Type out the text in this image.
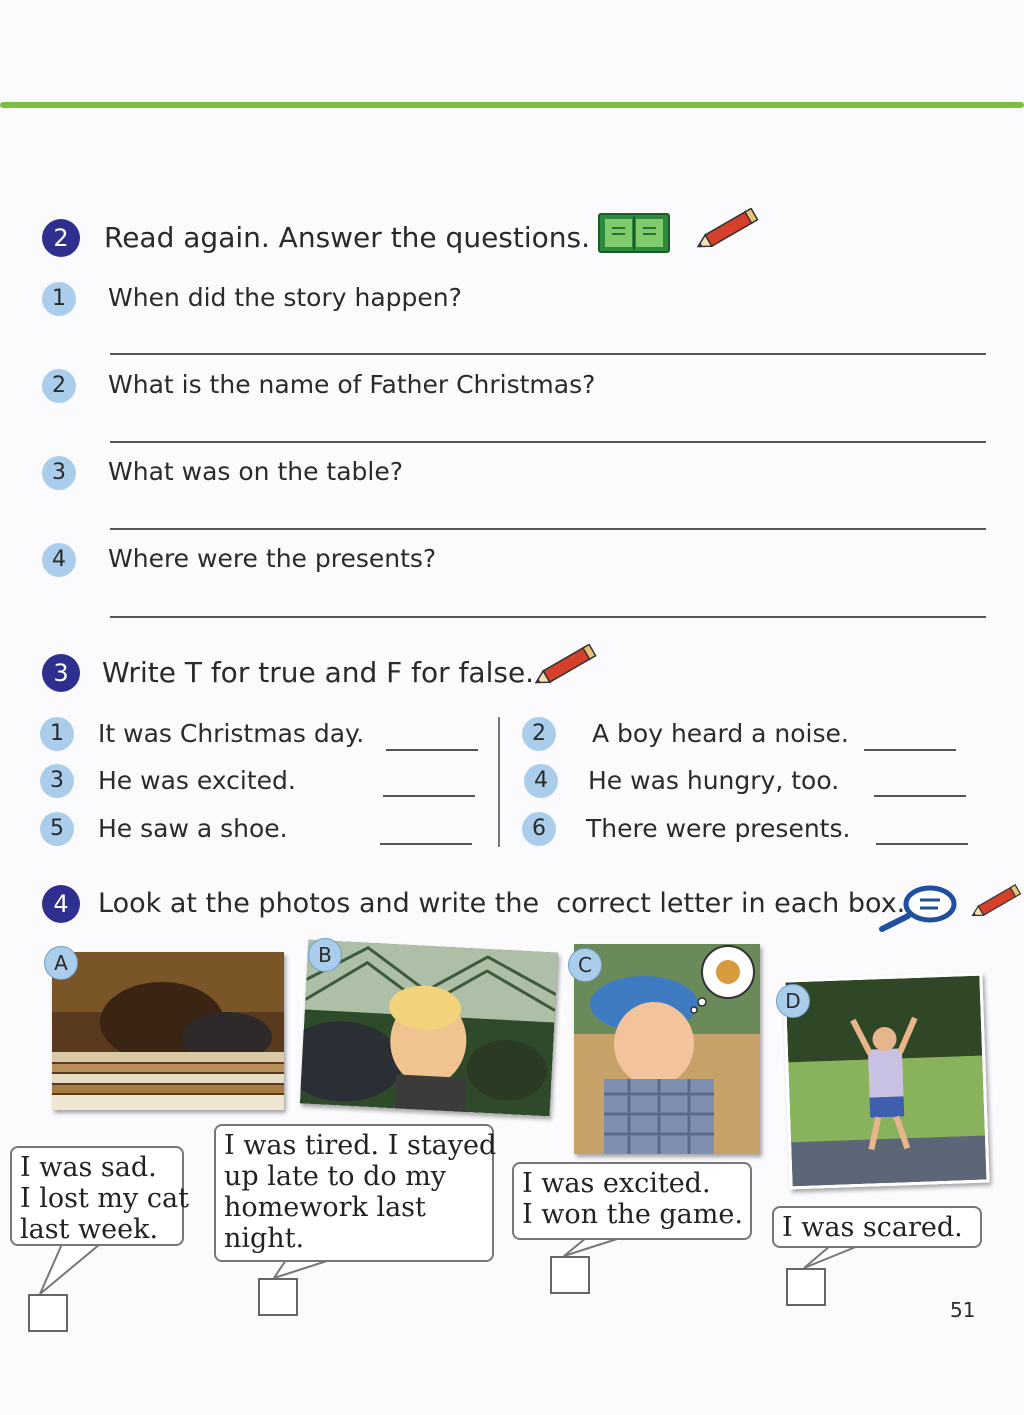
2	Read again. Answer the questions.
1	When did the story happen?
2	What is the name of Father Christmas?
3	What was on the table?
4	Where were the presents?
3	Write T for true and F for false.
1	It was Christmas day.	2	A boy heard a noise.
3	He was excited.	4	He was hungry, too.
5	He saw a shoe.	6	There were presents.
4	Look at the photos and write the  correct letter in each box.
A	B	C
D
I was sad.
I lost my cat
last week.
I was tired. I stayed
up late to do my
homework last
night.
I was excited.
I won the game.	I was scared.
51
